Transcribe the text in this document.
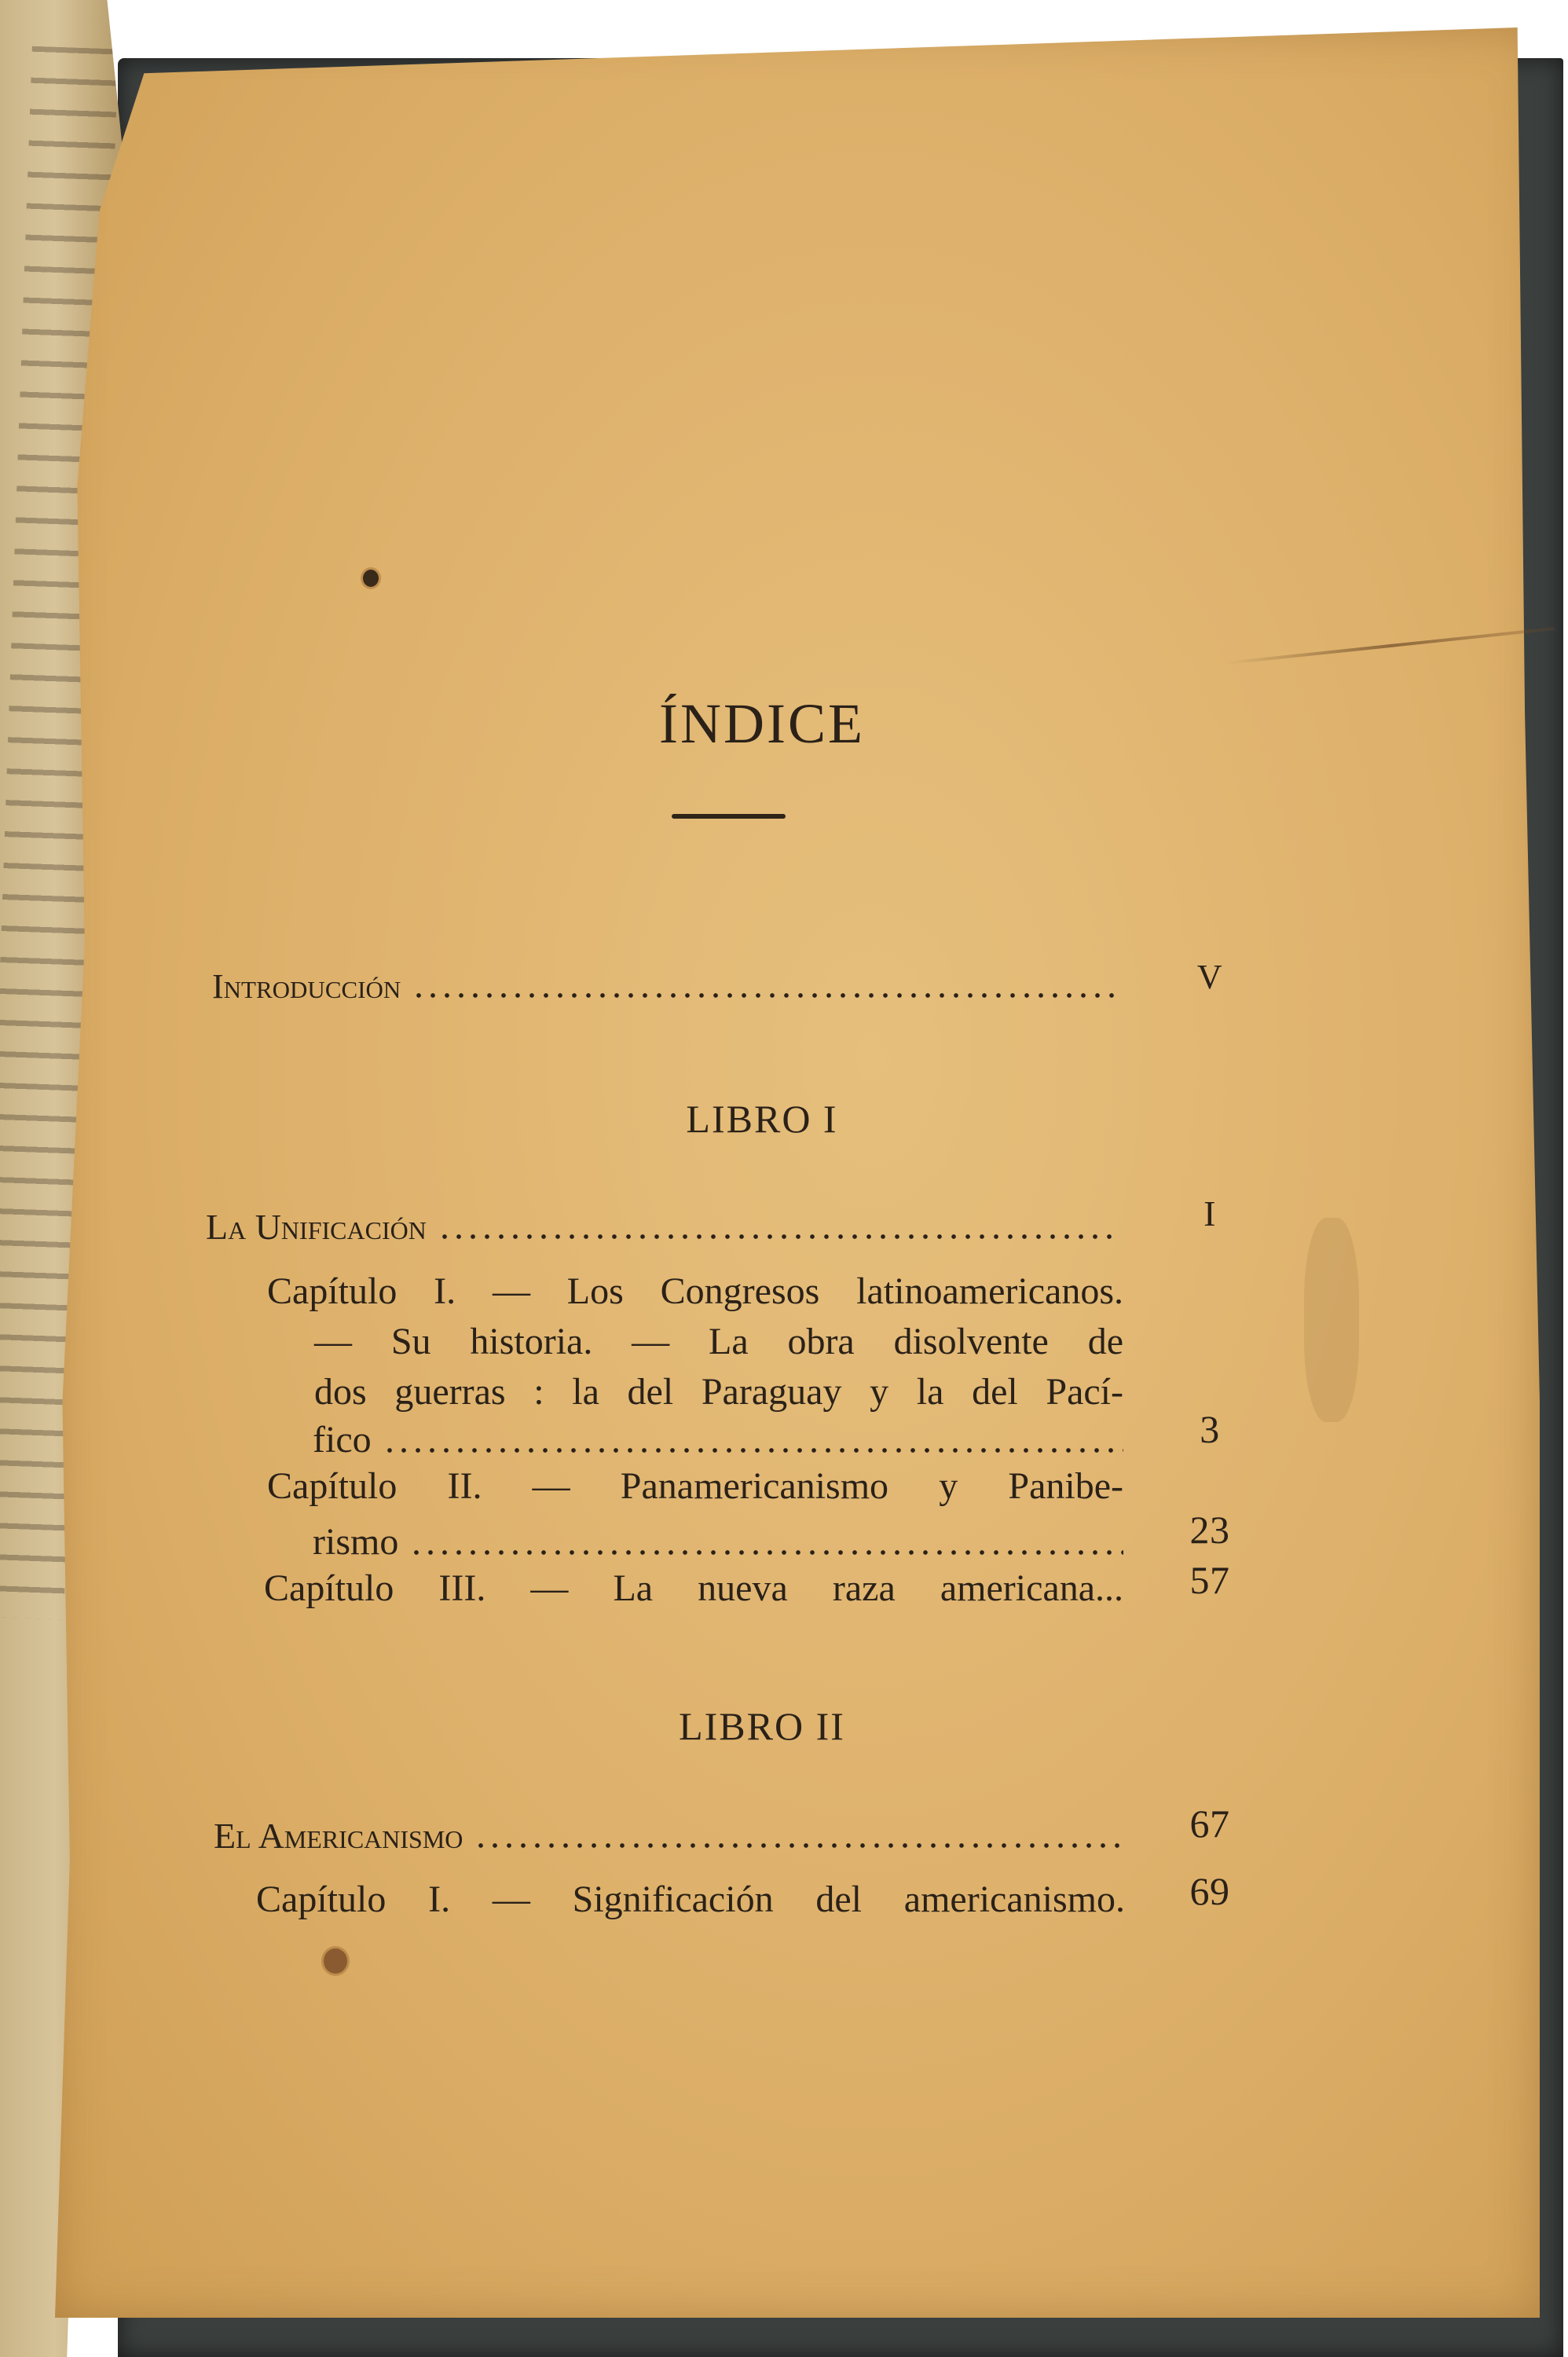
ÍNDICE
Introducción	V
LIBRO I
La Unificación	I
Capítulo I. — Los Congresos latinoamericanos.
— Su historia. — La obra disolvente de
dos guerras : la del Paraguay y la del Pací-
fico	3
Capítulo II. — Panamericanismo y Panibe-
rismo	23
Capítulo III. — La nueva raza americana...	57
LIBRO II
El Americanismo	67
Capítulo I. — Significación del americanismo.	69
